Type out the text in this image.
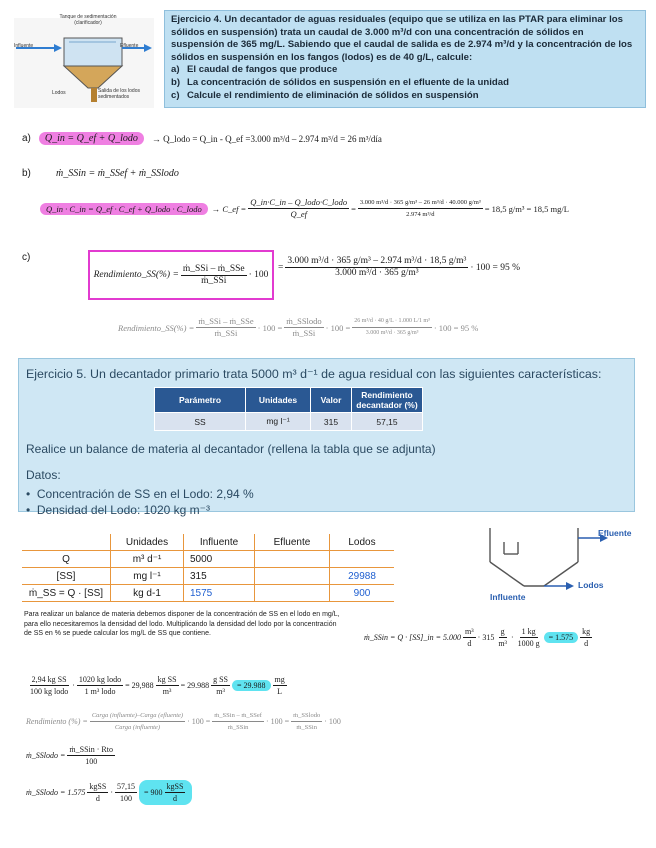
Tanque de sedimentación (clarificador)
Influente	Efluente
Lodos	Salida de los lodos sedimentados
Ejercicio 4. Un decantador de aguas residuales (equipo que se utiliza en las PTAR para eliminar los sólidos en suspensión) trata un caudal de 3.000 m³/d con una concentración de sólidos en suspensión de 365 mg/L. Sabiendo que el caudal de salida es de 2.974 m³/d y la concentración de los sólidos en suspensión en los fangos (lodos) es de 40 g/L, calcule:
a) El caudal de fangos que produce
b) La concentración de sólidos en suspensión en el efluente de la unidad
c) Calcule el rendimiento de eliminación de sólidos en suspensión
a)	Q_in = Q_ef + Q_lodo	→ Q_lodo = Q_in - Q_ef =3.000 m³/d – 2.974 m³/d = 26 m³/día
b)	ṁ_SSin = ṁ_SSef + ṁ_SSlodo
Q_in · C_in = Q_ef · C_ef + Q_lodo · C_lodo	→ C_ef = $\frac{\text{Q\_in·C\_in – Q\_lodo·C\_lodo}}{Q\_ef} = \frac{\text{3.000 m³/d · 365 g/m³ – 26 m³/d · 40.000 g/m³}}{\text{2.974 m³/d}} = 18,5$ g/m³ = 18,5 mg/L
c)
Rendimiento_SS(%) = $\frac{\text{ṁ\_SSi – ṁ\_SSe}}{\text{ṁ\_SSi}} \cdot 100$
= $\frac{\text{3.000 m³/d · 365 g/m³ – 2.974 m³/d · 18,5 g/m³}}{\text{3.000 m³/d · 365 g/m³}} \cdot 100 = 95$ %
Rendimiento_SS(%) = $\frac{\text{ṁ\_SSi – ṁ\_SSe}}{\text{ṁ\_SSi}} \cdot 100 = \frac{\text{ṁ\_SSlodo}}{\text{ṁ\_SSi}} \cdot 100 = \frac{\text{26 m³/d · 40 g/L · 1.000 L/1 m³}}{\text{3.000 m³/d · 365 g/m³}} \cdot 100 = 95$ %
Ejercicio 5. Un decantador primario trata 5000 m³ d⁻¹ de agua residual con las siguientes características:
Parámetro	Unidades	Valor	Rendimiento decantador (%)
SS	mg l⁻¹	315	57,15
Realice un balance de materia al decantador (rellena la tabla que se adjunta)
Datos:
•  Concentración de SS en el Lodo: 2,94 %
•  Densidad del Lodo: 1020 kg m⁻³
	Unidades	Influente	Efluente	Lodos
Q	m³ d⁻¹	5000		
[SS]	mg l⁻¹	315		29988
ṁ_SS = Q · [SS]	kg d-1	1575		900
Efluente
Lodos
Influente
Para realizar un balance de materia debemos disponer de la concentración de SS en el lodo en mg/L, para ello necesitaremos la densidad del lodo. Multiplicando la densidad del lodo por la concentración de SS en % se puede calcular los mg/L de SS que contiene.	ṁ_SSin = Q · [SS]_in = $5.000 \frac{\text{m³}}{d} \cdot 315 \frac{g}{\text{m³}} \cdot \frac{1 kg}{1000 g} = 1.575 \frac{kg}{d}$
$\frac{\text{2,94 kg SS}}{\text{100 kg lodo}} \cdot \frac{\text{1020 kg lodo}}{\text{1 m³ lodo}} = 29,988 \frac{\text{kg SS}}{\text{m³}} = 29.988 \frac{\text{g SS}}{\text{m³}} = 29.988 \frac{mg}{L}$
Rendimiento (%) = $\frac{\text{Carga (influente)–Carga (efluente)}}{\text{Carga (influente)}} \cdot 100 = \frac{\text{ṁ\_SSin – ṁ\_SSef}}{\text{ṁ\_SSin}} \cdot 100 = \frac{\text{ṁ\_SSlodo}}{\text{ṁ\_SSin}} \cdot 100$
ṁ_SSlodo = $\frac{\text{ṁ\_SSin · Rto}}{100}$
ṁ_SSlodo = $1.575 \frac{\text{kgSS}}{d} \cdot \frac{57,15}{100} = 900 \frac{\text{kgSS}}{d}$
